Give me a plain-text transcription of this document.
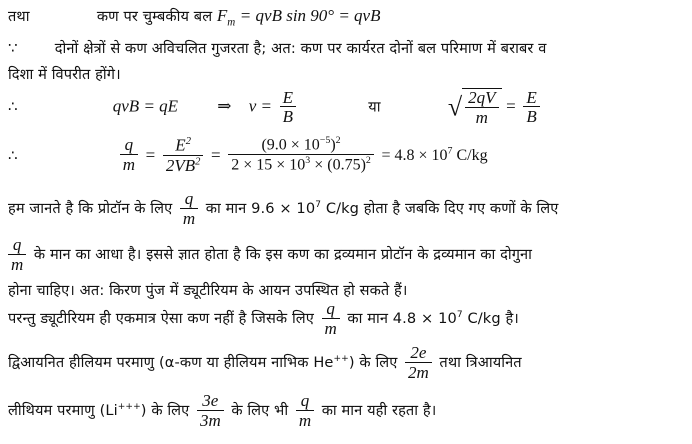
तथा	कण पर चुम्बकीय बल $F_m$ = qvB sin 90° = qvB
∵	दोनों क्षेत्रों से कण अविचलित गुजरता है; अत: कण पर कार्यरत दोनों बल परिमाण में बराबर व
दिशा में विपरीत होंगे।
∴	qvB = qE ⇒ $v = \frac{E}{B}$	या	√ $\frac{2qV}{m} = \frac{E}{B}$
∴	$\frac{q}{m} = \frac{E^2}{2VB^2} = \frac{(9.0 \times 10^{-5})^2}{2 \times 15 \times 10^3 \times (0.75)^2} = 4.8 \times 10^7$ C/kg
हम जानते है कि प्रोटॉन के लिए $\frac{q}{m}$ का मान $9.6 \times 10^7$ C/kg होता है जबकि दिए गए कणों के लिए
$\frac{q}{m}$ के मान का आधा है। इससे ज्ञात होता है कि इस कण का द्रव्यमान प्रोटॉन के द्रव्यमान का दोगुना
होना चाहिए। अत: किरण पुंज में ड्यूटीरियम के आयन उपस्थित हो सकते हैं।
परन्तु ड्यूटीरियम ही एकमात्र ऐसा कण नहीं है जिसके लिए $\frac{q}{m}$ का मान $4.8 \times 10^7$ C/kg है।
द्विआयनित हीलियम परमाणु (α-कण या हीलियम नाभिक He++) के लिए $\frac{2e}{2m}$ तथा त्रिआयनित
लीथियम परमाणु (Li+++) के लिए $\frac{3e}{3m}$ के लिए भी $\frac{q}{m}$ का मान यही रहता है।
